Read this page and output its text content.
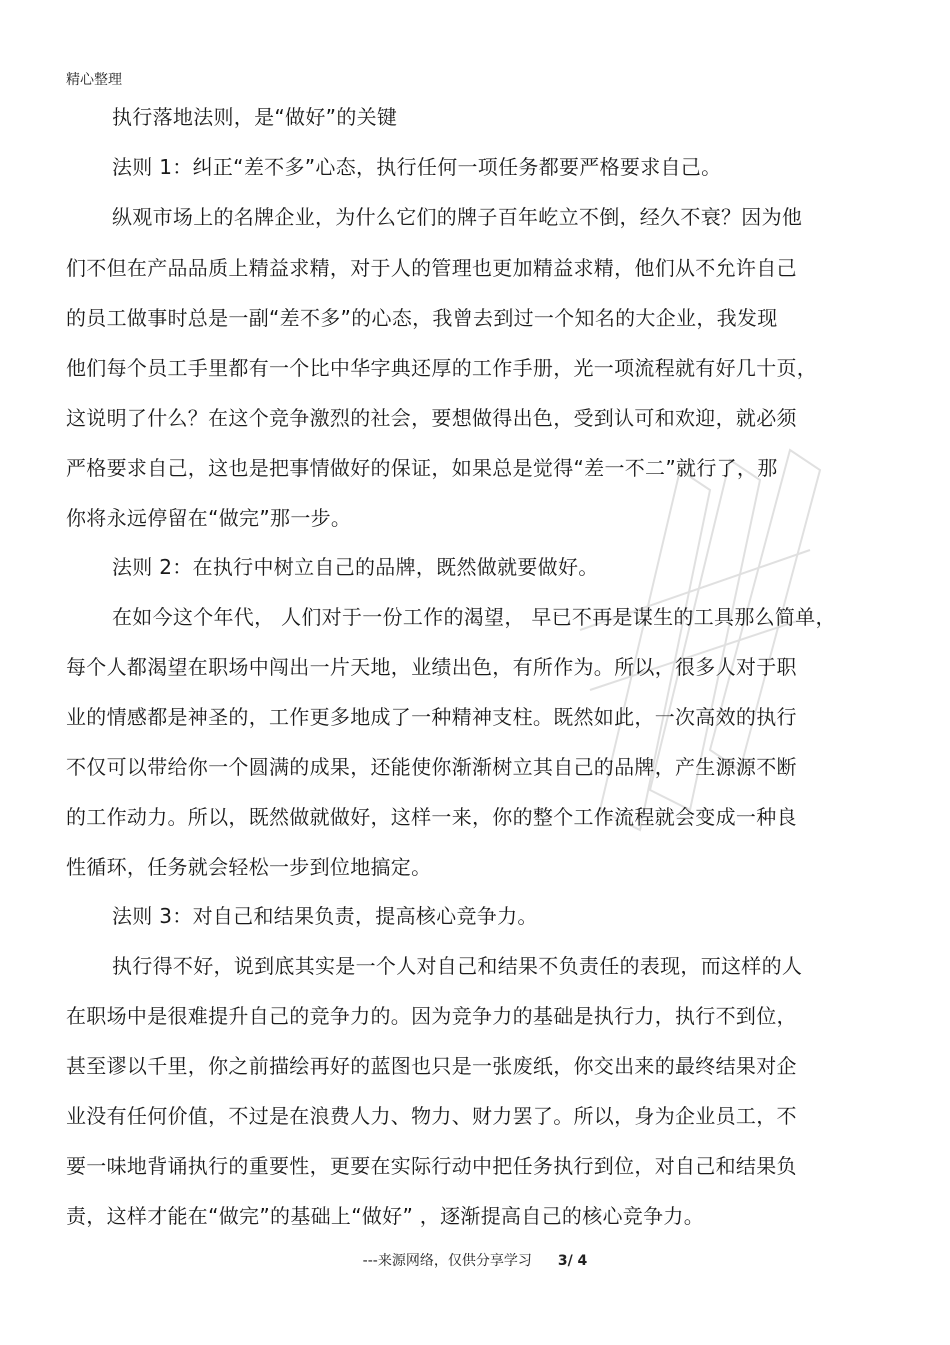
精心整理
执行落地法则，是“做好”的关键
法则 1：纠正“差不多”心态，执行任何一项任务都要严格要求自己。
纵观市场上的名牌企业，为什么它们的牌子百年屹立不倒，经久不衰？因为他
们不但在产品品质上精益求精，对于人的管理也更加精益求精，他们从不允许自己
的员工做事时总是一副“差不多”的心态，我曾去到过一个知名的大企业，我发现
他们每个员工手里都有一个比中华字典还厚的工作手册，光一项流程就有好几十页，
这说明了什么？在这个竞争激烈的社会，要想做得出色，受到认可和欢迎，就必须
严格要求自己，这也是把事情做好的保证，如果总是觉得“差一不二”就行了，那
你将永远停留在“做完”那一步。
法则 2：在执行中树立自己的品牌，既然做就要做好。
在如今这个年代， 人们对于一份工作的渴望， 早已不再是谋生的工具那么简单，
每个人都渴望在职场中闯出一片天地，业绩出色，有所作为。所以，很多人对于职
业的情感都是神圣的，工作更多地成了一种精神支柱。既然如此，一次高效的执行
不仅可以带给你一个圆满的成果，还能使你渐渐树立其自己的品牌，产生源源不断
的工作动力。所以，既然做就做好，这样一来，你的整个工作流程就会变成一种良
性循环，任务就会轻松一步到位地搞定。
法则 3：对自己和结果负责，提高核心竞争力。
执行得不好，说到底其实是一个人对自己和结果不负责任的表现，而这样的人
在职场中是很难提升自己的竞争力的。因为竞争力的基础是执行力，执行不到位，
甚至谬以千里，你之前描绘再好的蓝图也只是一张废纸，你交出来的最终结果对企
业没有任何价值，不过是在浪费人力、物力、财力罢了。所以，身为企业员工，不
要一味地背诵执行的重要性，更要在实际行动中把任务执行到位，对自己和结果负
责，这样才能在“做完”的基础上“做好” ，逐渐提高自己的核心竞争力。
---来源网络，仅供分享学习 3/ 4
